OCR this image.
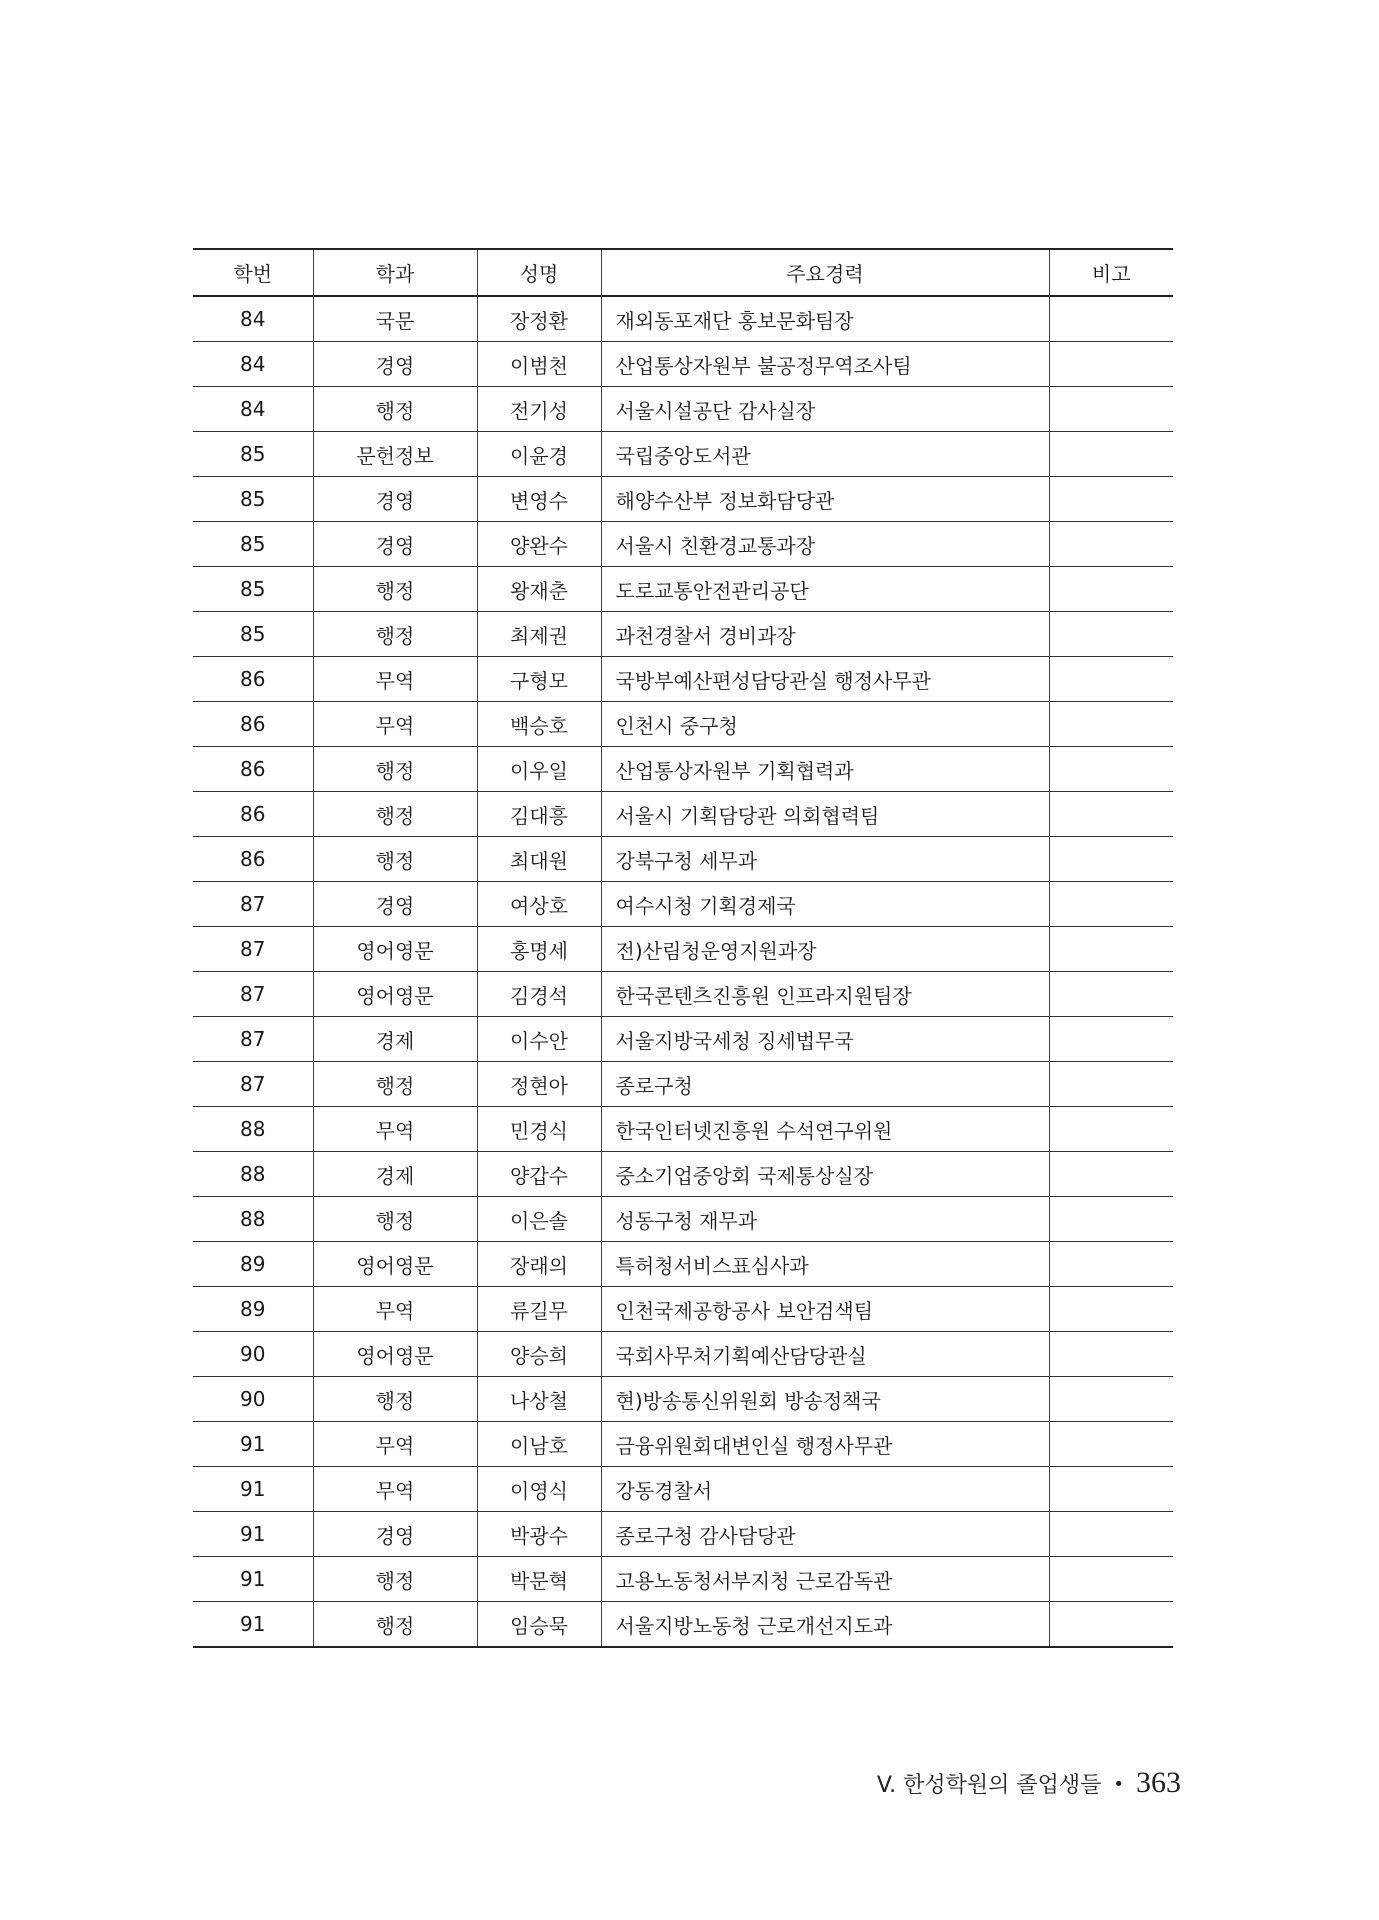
학번	학과	성명	주요경력	비고
84	국문	장정환	재외동포재단 홍보문화팀장	
84	경영	이범천	산업통상자원부 불공정무역조사팀	
84	행정	전기성	서울시설공단 감사실장	
85	문헌정보	이윤경	국립중앙도서관	
85	경영	변영수	해양수산부 정보화담당관	
85	경영	양완수	서울시 친환경교통과장	
85	행정	왕재춘	도로교통안전관리공단	
85	행정	최제권	과천경찰서 경비과장	
86	무역	구형모	국방부예산편성담당관실 행정사무관	
86	무역	백승호	인천시 중구청	
86	행정	이우일	산업통상자원부 기획협력과	
86	행정	김대흥	서울시 기획담당관 의회협력팀	
86	행정	최대원	강북구청 세무과	
87	경영	여상호	여수시청 기획경제국	
87	영어영문	홍명세	전)산림청운영지원과장	
87	영어영문	김경석	한국콘텐츠진흥원 인프라지원팀장	
87	경제	이수안	서울지방국세청 징세법무국	
87	행정	정현아	종로구청	
88	무역	민경식	한국인터넷진흥원 수석연구위원	
88	경제	양갑수	중소기업중앙회 국제통상실장	
88	행정	이은솔	성동구청 재무과	
89	영어영문	장래의	특허청서비스표심사과	
89	무역	류길무	인천국제공항공사 보안검색팀	
90	영어영문	양승희	국회사무처기획예산담당관실	
90	행정	나상철	현)방송통신위원회 방송정책국	
91	무역	이남호	금융위원회대변인실 행정사무관	
91	무역	이영식	강동경찰서	
91	경영	박광수	종로구청 감사담당관	
91	행정	박문혁	고용노동청서부지청 근로감독관	
91	행정	임승묵	서울지방노동청 근로개선지도과	
V. 한성학원의 졸업생들 • 363
